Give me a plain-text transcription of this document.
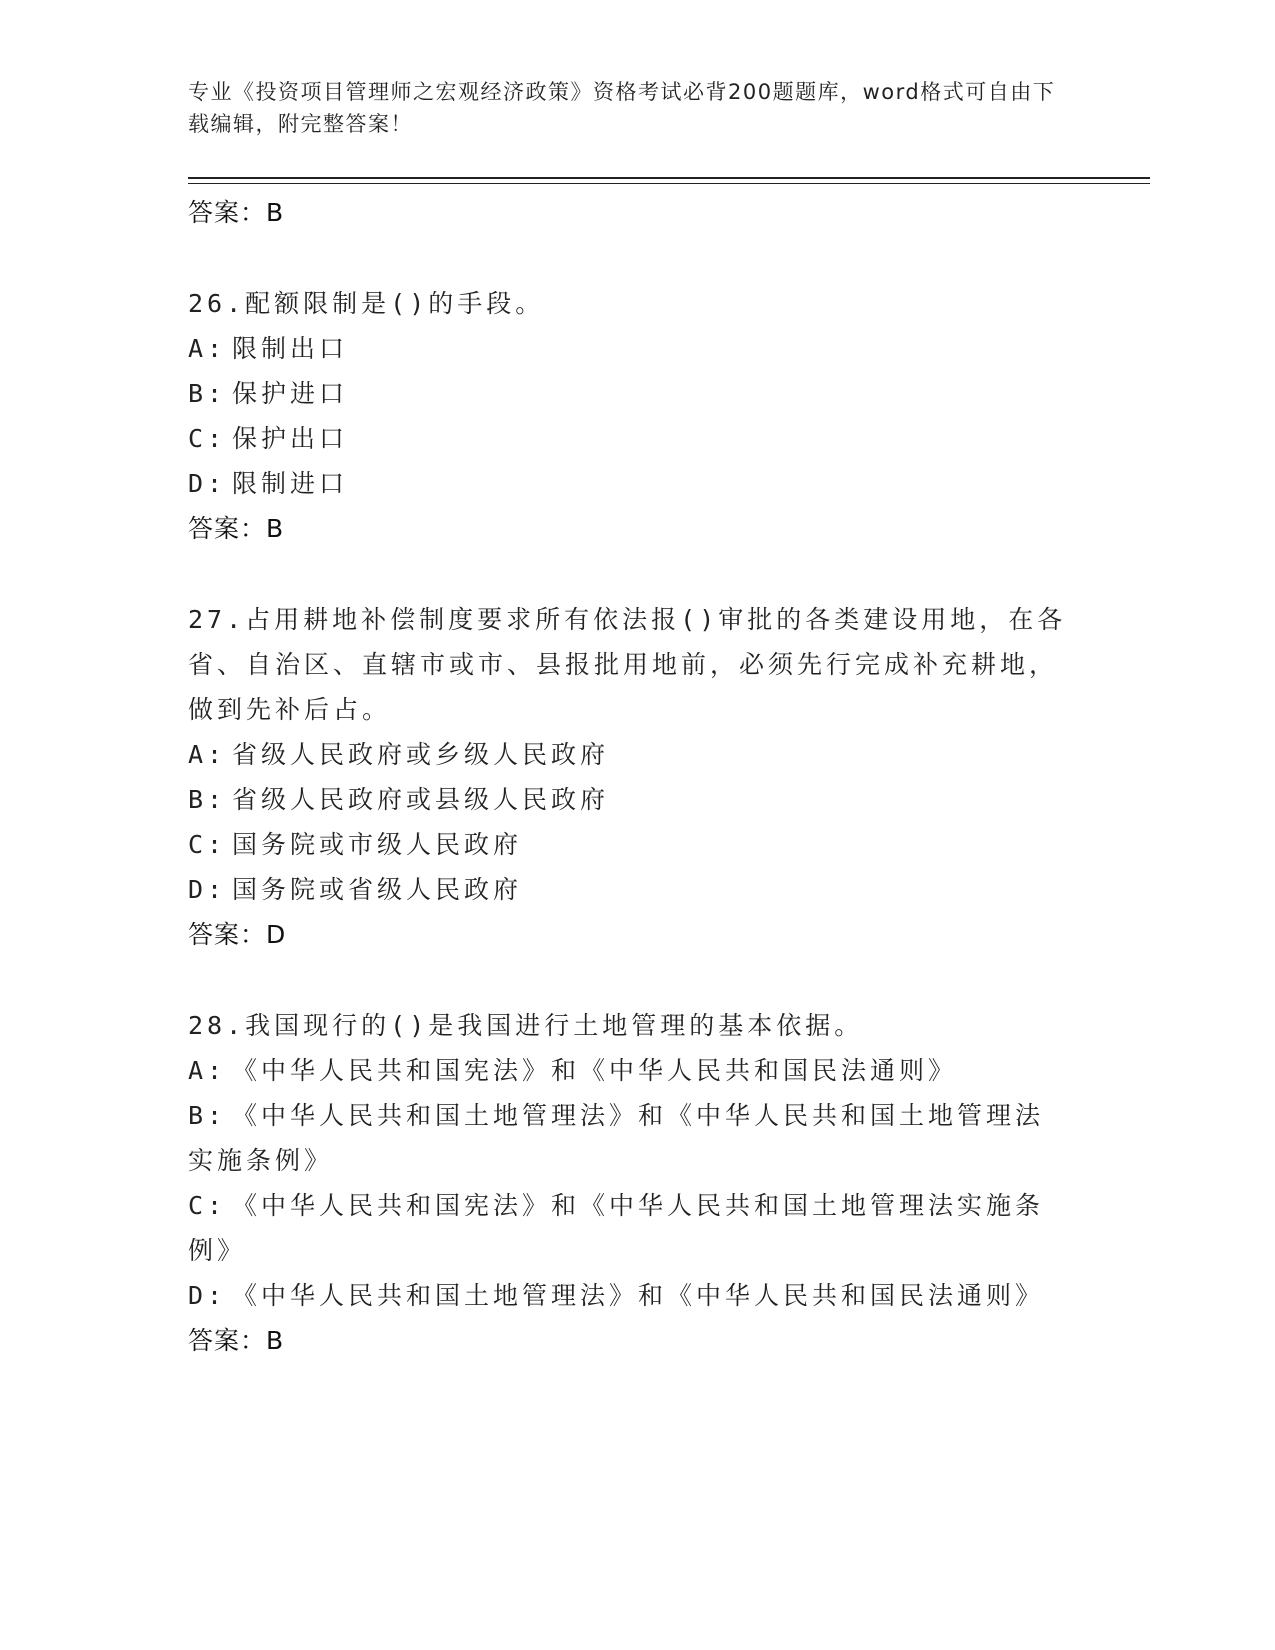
专业《投资项目管理师之宏观经济政策》资格考试必背200题题库，word格式可自由下载编辑，附完整答案！
答案：B
26.配额限制是()的手段。
A: 限制出口
B: 保护进口
C: 保护出口
D: 限制进口
答案：B
27.占用耕地补偿制度要求所有依法报()审批的各类建设用地，在各省、自治区、直辖市或市、县报批用地前，必须先行完成补充耕地，做到先补后占。
A: 省级人民政府或乡级人民政府
B: 省级人民政府或县级人民政府
C: 国务院或市级人民政府
D: 国务院或省级人民政府
答案：D
28.我国现行的()是我国进行土地管理的基本依据。
A: 《中华人民共和国宪法》和《中华人民共和国民法通则》
B: 《中华人民共和国土地管理法》和《中华人民共和国土地管理法实施条例》
C: 《中华人民共和国宪法》和《中华人民共和国土地管理法实施条例》
D: 《中华人民共和国土地管理法》和《中华人民共和国民法通则》
答案：B
